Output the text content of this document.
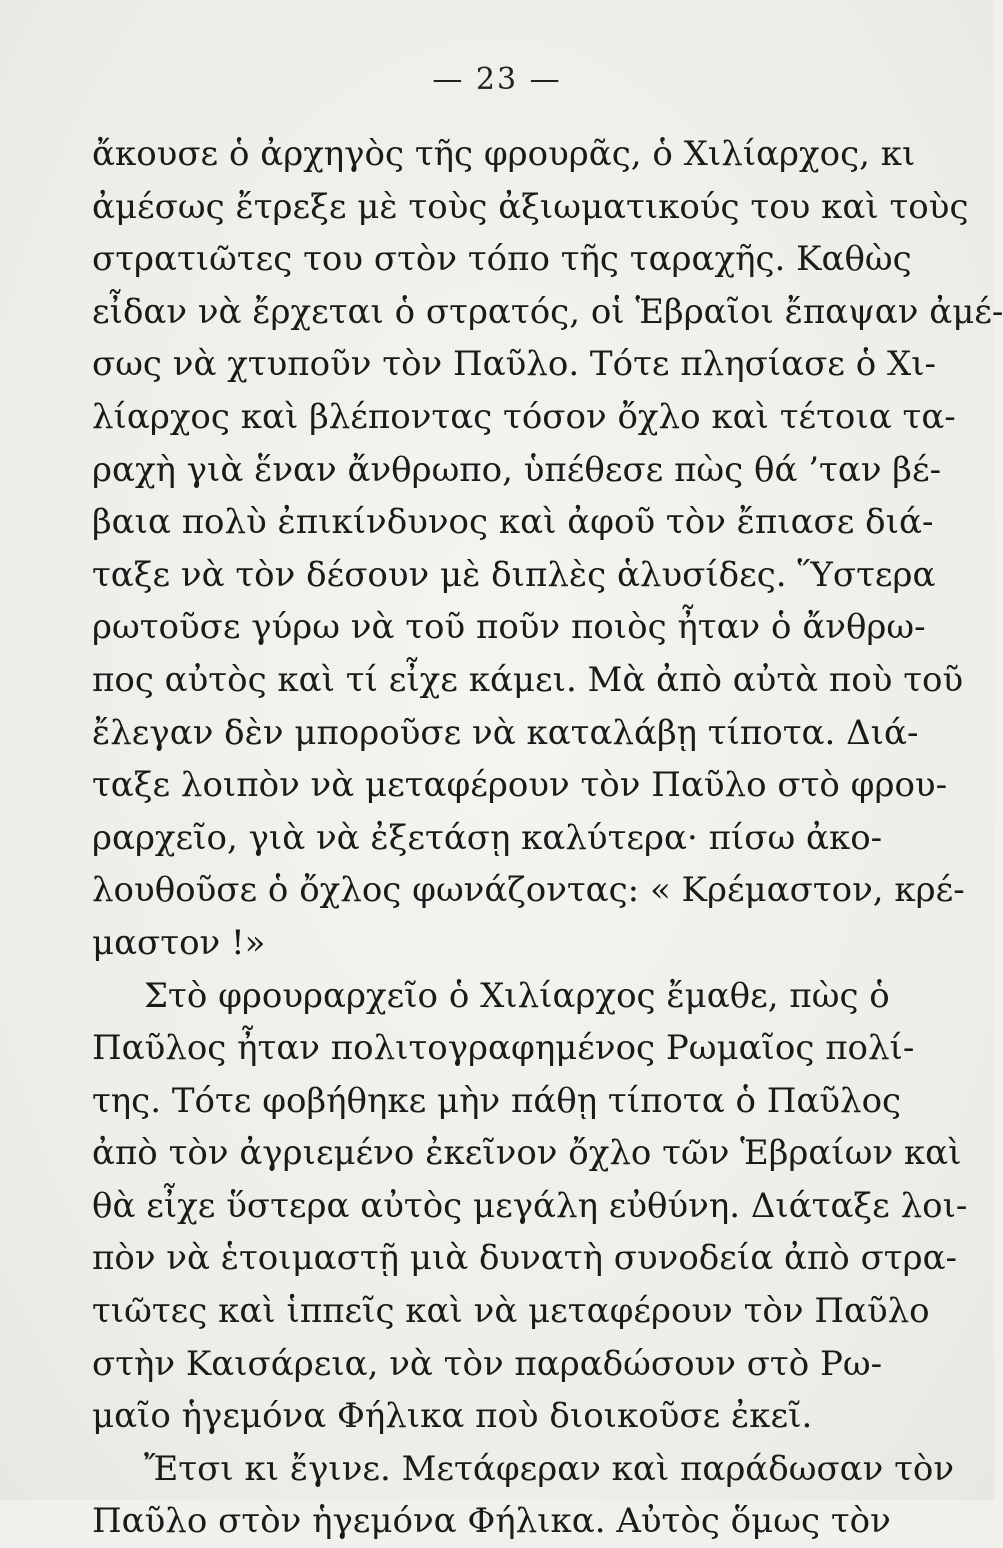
— 23 —
ἄκουσε ὁ ἀρχηγὸς τῆς φρουρᾶς, ὁ Χιλίαρχος, κι
ἀμέσως ἔτρεξε μὲ τοὺς ἀξιωματικούς του καὶ τοὺς
στρατιῶτες του στὸν τόπο τῆς ταραχῆς. Καθὼς
εἶδαν νὰ ἔρχεται ὁ στρατός, οἱ Ἑβραῖοι ἔπαψαν ἀμέ-
σως νὰ χτυποῦν τὸν Παῦλο. Τότε πλησίασε ὁ Χι-
λίαρχος καὶ βλέποντας τόσον ὄχλο καὶ τέτοια τα-
ραχὴ γιὰ ἕναν ἄνθρωπο, ὑπέθεσε πὼς θά ’ταν βέ-
βαια πολὺ ἐπικίνδυνος καὶ ἀφοῦ τὸν ἔπιασε διά-
ταξε νὰ τὸν δέσουν μὲ διπλὲς ἁλυσίδες. Ὕστερα
ρωτοῦσε γύρω νὰ τοῦ ποῦν ποιὸς ἦταν ὁ ἄνθρω-
πος αὐτὸς καὶ τί εἶχε κάμει. Μὰ ἀπὸ αὐτὰ ποὺ τοῦ
ἔλεγαν δὲν μποροῦσε νὰ καταλάβῃ τίποτα. Διά-
ταξε λοιπὸν νὰ μεταφέρουν τὸν Παῦλο στὸ φρου-
ραρχεῖο, γιὰ νὰ ἐξετάσῃ καλύτερα· πίσω ἀκο-
λουθοῦσε ὁ ὄχλος φωνάζοντας: « Κρέμαστον, κρέ-
μαστον !»
Στὸ φρουραρχεῖο ὁ Χιλίαρχος ἔμαθε, πὼς ὁ
Παῦλος ἦταν πολιτογραφημένος Ρωμαῖος πολί-
της. Τότε φοβήθηκε μὴν πάθῃ τίποτα ὁ Παῦλος
ἀπὸ τὸν ἀγριεμένο ἐκεῖνον ὄχλο τῶν Ἑβραίων καὶ
θὰ εἶχε ὕστερα αὐτὸς μεγάλη εὐθύνη. Διάταξε λοι-
πὸν νὰ ἑτοιμαστῇ μιὰ δυνατὴ συνοδεία ἀπὸ στρα-
τιῶτες καὶ ἱππεῖς καὶ νὰ μεταφέρουν τὸν Παῦλο
στὴν Καισάρεια, νὰ τὸν παραδώσουν στὸ Ρω-
μαῖο ἡγεμόνα Φήλικα ποὺ διοικοῦσε ἐκεῖ.
Ἔτσι κι ἔγινε. Μετάφεραν καὶ παράδωσαν τὸν
Παῦλο στὸν ἡγεμόνα Φήλικα. Αὐτὸς ὅμως τὸν
